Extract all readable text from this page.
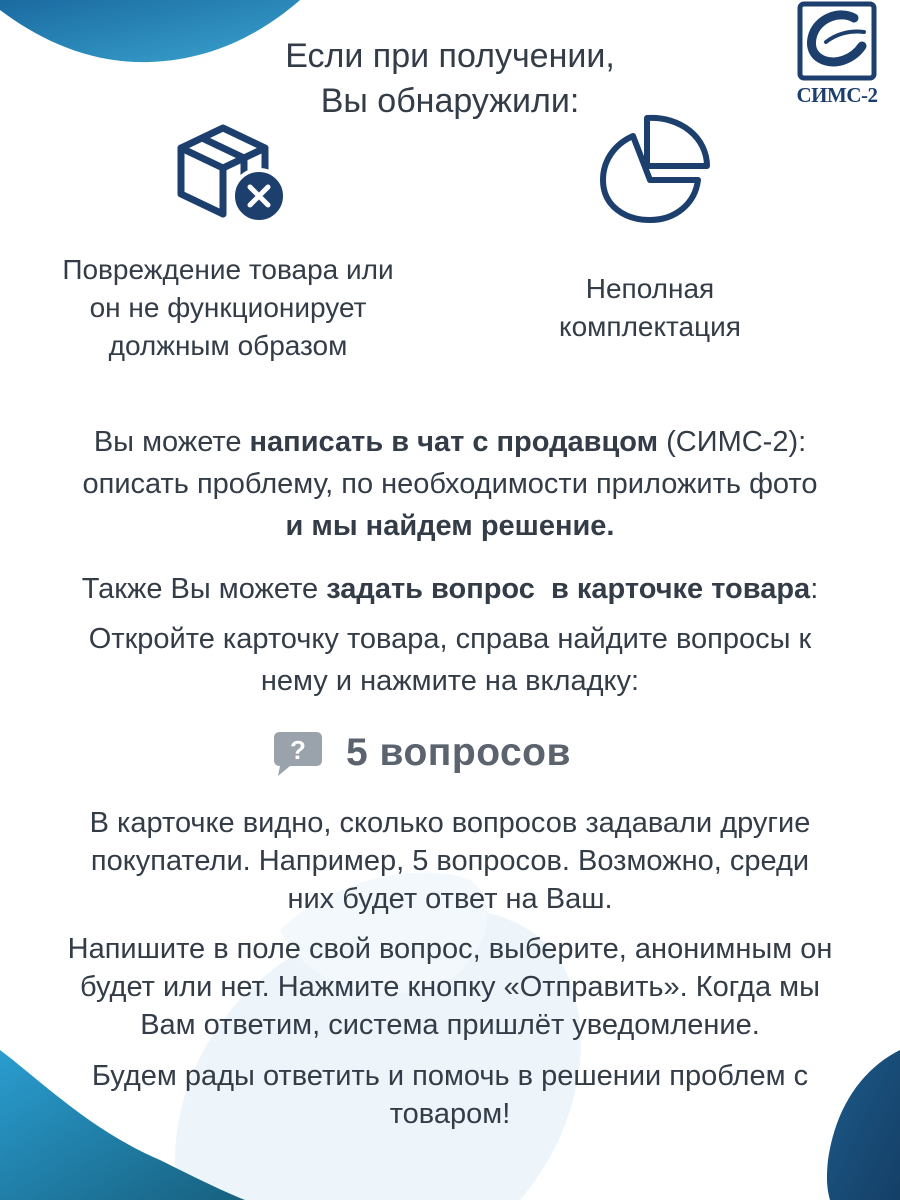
СИМС-2
Если при получении,
Вы обнаружили:
Повреждение товара или
он не функционирует
должным образом
Неполная
комплектация
Вы можете написать в чат с продавцом (СИМС-2):
описать проблему, по необходимости приложить фото
и мы найдем решение.
Также Вы можете задать вопрос в карточке товара:
Откройте карточку товара, справа найдите вопросы к
нему и нажмите на вкладку:
? 5 вопросов
В карточке видно, сколько вопросов задавали другие
покупатели. Например, 5 вопросов. Возможно, среди
них будет ответ на Ваш.
Напишите в поле свой вопрос, выберите, анонимным он
будет или нет. Нажмите кнопку «Отправить». Когда мы
Вам ответим, система пришлёт уведомление.
Будем рады ответить и помочь в решении проблем с
товаром!
